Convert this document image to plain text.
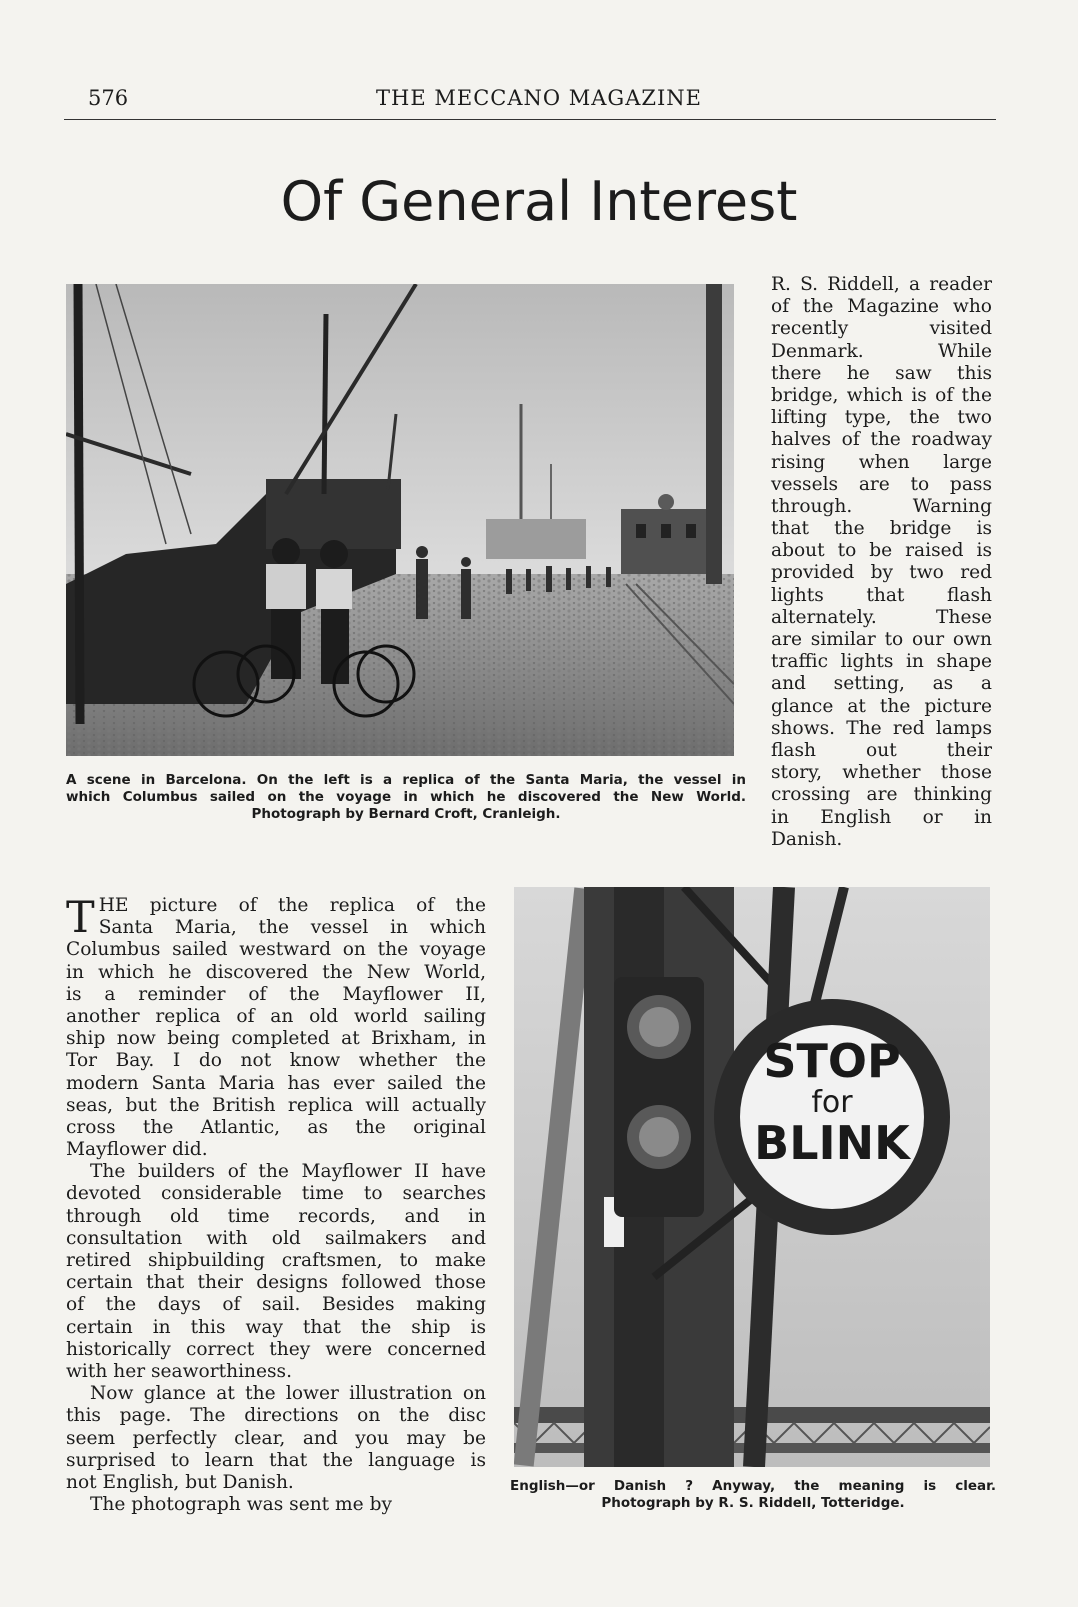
576	THE MECCANO MAGAZINE
Of General Interest
A scene in Barcelona. On the left is a replica of the Santa Maria, the vessel in
which Columbus sailed on the voyage in which he discovered the New World.
Photograph by Bernard Croft, Cranleigh.
R. S. Riddell, a reader
of the Magazine who
recently visited
Denmark. While
there he saw this
bridge, which is of the
lifting type, the two
halves of the roadway
rising when large
vessels are to pass
through. Warning
that the bridge is
about to be raised is
provided by two red
lights that flash
alternately. These
are similar to our own
traffic lights in shape
and setting, as a
glance at the picture
shows. The red lamps
flash out their
story, whether those
crossing are thinking
in English or in
Danish.
T HE picture of the replica of the
Santa Maria, the vessel in which
Columbus sailed westward on the voyage
in which he discovered the New World,
is a reminder of the Mayflower II,
another replica of an old world sailing
ship now being completed at Brixham, in
Tor Bay. I do not know whether the
modern Santa Maria has ever sailed the
seas, but the British replica will actually
cross the Atlantic, as the original
Mayflower did.
The builders of the Mayflower II have
devoted considerable time to searches
through old time records, and in
consultation with old sailmakers and
retired shipbuilding craftsmen, to make
certain that their designs followed those
of the days of sail. Besides making
certain in this way that the ship is
historically correct they were concerned
with her seaworthiness.
Now glance at the lower illustration on
this page. The directions on the disc
seem perfectly clear, and you may be
surprised to learn that the language is
not English, but Danish.
The photograph was sent me by
STOP
for
BLINK
English—or Danish ? Anyway, the meaning is clear.
Photograph by R. S. Riddell, Totteridge.
